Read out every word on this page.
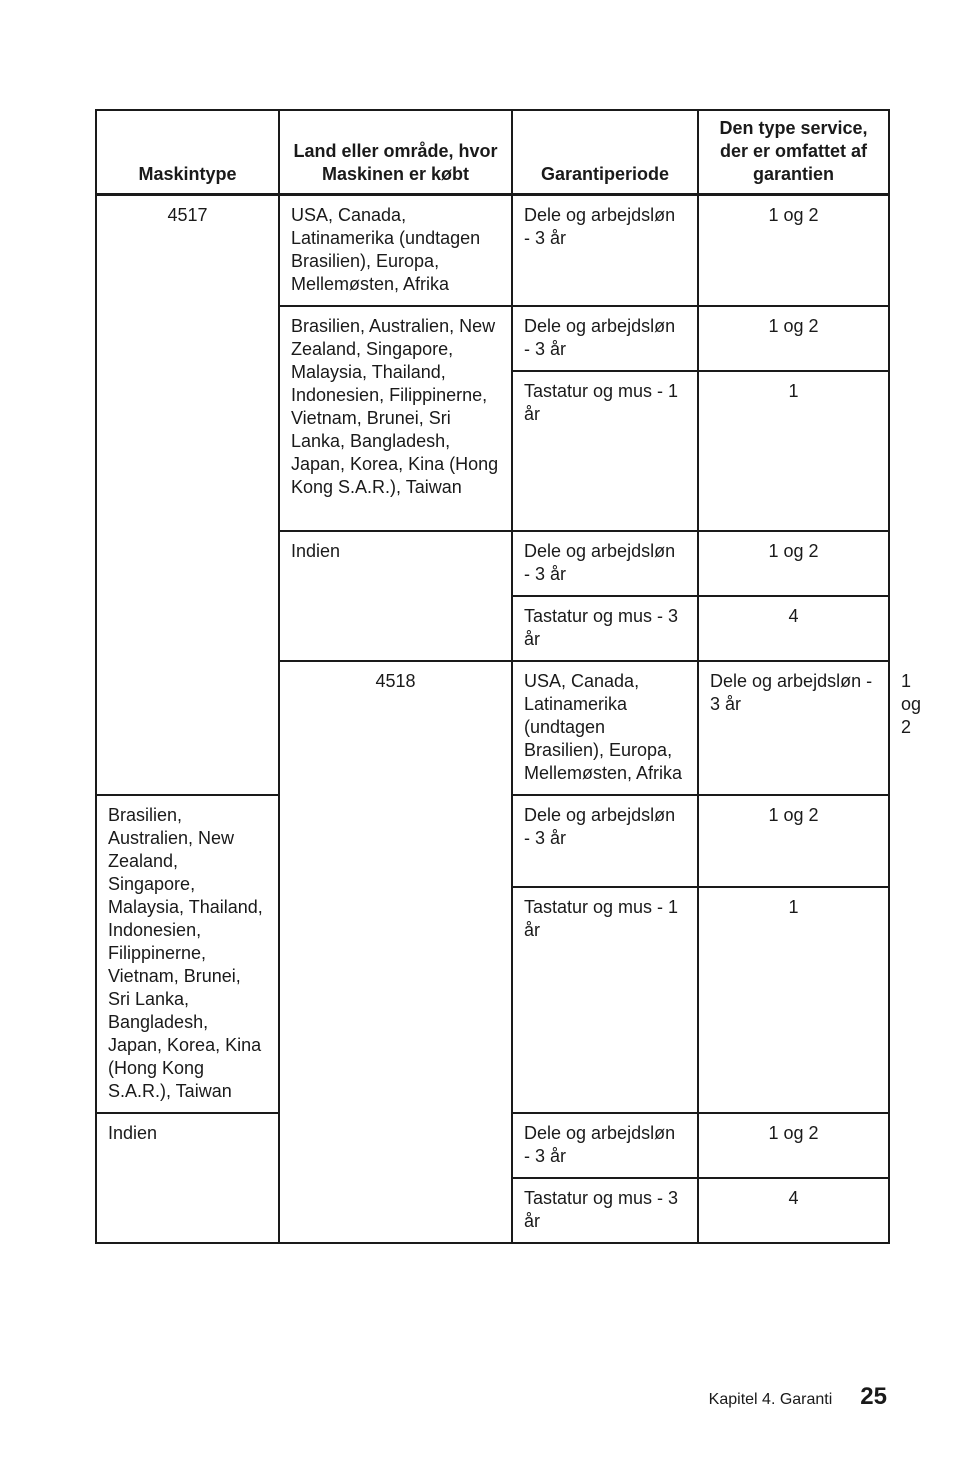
Maskintype	Land eller område, hvor Maskinen er købt	Garantiperiode	Den type service, der er omfattet af garantien	
4517	USA, Canada, Latinamerika (undtagen Brasilien), Europa, Mellemøsten, Afrika	Dele og arbejdsløn - 3 år	1 og 2	
	Brasilien, Australien, New Zealand, Singapore, Malaysia, Thailand, Indonesien, Filippinerne, Vietnam, Brunei, Sri Lanka, Bangladesh, Japan, Korea, Kina (Hong Kong S.A.R.), Taiwan	Dele og arbejdsløn - 3 år	1 og 2	
		Tastatur og mus - 1 år	1	
	Indien	Dele og arbejdsløn - 3 år	1 og 2	
		Tastatur og mus - 3 år	4	
	4518	USA, Canada, Latinamerika (undtagen Brasilien), Europa, Mellemøsten, Afrika	Dele og arbejdsløn - 3 år	1 og 2
Brasilien, Australien, New Zealand, Singapore, Malaysia, Thailand, Indonesien, Filippinerne, Vietnam, Brunei, Sri Lanka, Bangladesh, Japan, Korea, Kina (Hong Kong S.A.R.), Taiwan		Dele og arbejdsløn - 3 år	1 og 2	
		Tastatur og mus - 1 år	1	
Indien		Dele og arbejdsløn - 3 år	1 og 2	
		Tastatur og mus - 3 år	4	
Kapitel 4. Garanti 25
